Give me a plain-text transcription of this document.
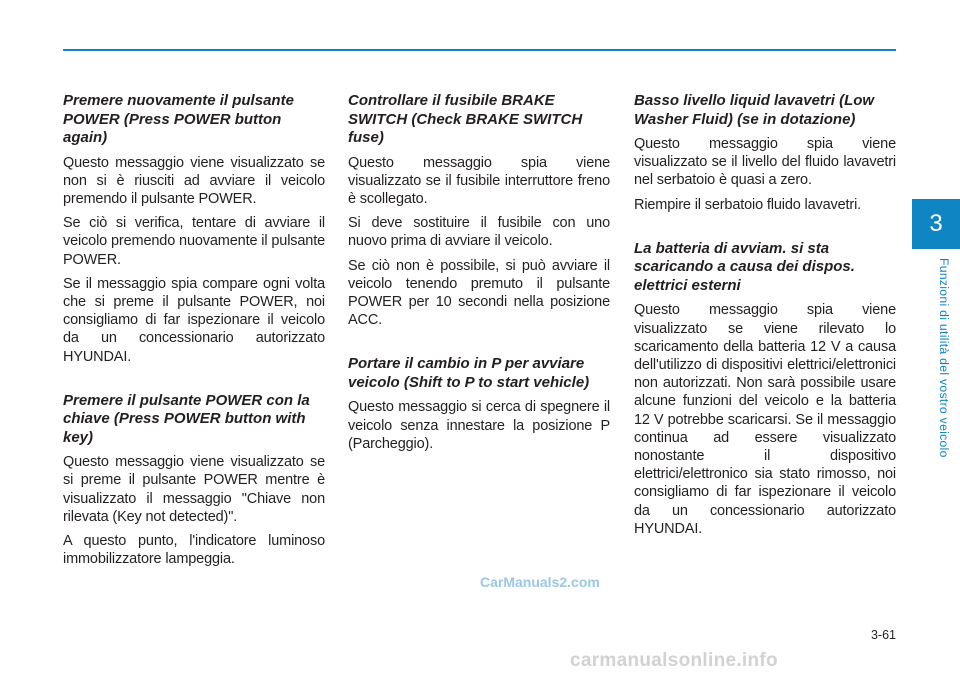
3
Funzioni di utilità del vostro veicolo
Premere nuovamente il pulsante POWER (Press POWER button again)

Questo messaggio viene visualizzato se non si è riusciti ad avviare il veicolo premendo il pulsante POWER.

Se ciò si verifica, tentare di avviare il veicolo premendo nuovamente il pulsante POWER.

Se il messaggio spia compare ogni volta che si preme il pulsante POWER, noi consigliamo di far ispezionare il veicolo da un concessionario autorizzato HYUNDAI.

Premere il pulsante POWER con la chiave (Press POWER button with key)

Questo messaggio viene visualizzato se si preme il pulsante POWER mentre è visualizzato il messaggio "Chiave non rilevata (Key not detected)".

A questo punto, l'indicatore luminoso immobilizzatore lampeggia.

Controllare il fusibile BRAKE SWITCH (Check BRAKE SWITCH fuse)

Questo messaggio spia viene visualizzato se il fusibile interruttore freno è scollegato.

Si deve sostituire il fusibile con uno nuovo prima di avviare il veicolo.

Se ciò non è possibile, si può avviare il veicolo tenendo premuto il pulsante POWER per 10 secondi nella posizione ACC.

Portare il cambio in P per avviare veicolo (Shift to P to start vehicle)

Questo messaggio si cerca di spegnere il veicolo senza innestare la posizione P (Parcheggio).

Basso livello liquid lavavetri (Low Washer Fluid) (se in dotazione)

Questo messaggio spia viene visualizzato se il livello del fluido lavavetri nel serbatoio è quasi a zero.

Riempire il serbatoio fluido lavavetri.

La batteria di avviam. si sta scaricando a causa dei dispos. elettrici esterni

Questo messaggio spia viene visualizzato se viene rilevato lo scaricamento della batteria 12 V a causa dell'utilizzo di dispositivi elettrici/elettronici non autorizzati. Non sarà possibile usare alcune funzioni del veicolo e la batteria 12 V potrebbe scaricarsi. Se il messaggio continua ad essere visualizzato nonostante il dispositivo elettrici/elettronico sia stato rimosso, noi consigliamo di far ispezionare il veicolo da un concessionario autorizzato HYUNDAI.

CarManuals2.com
3-61
carmanualsonline.info
